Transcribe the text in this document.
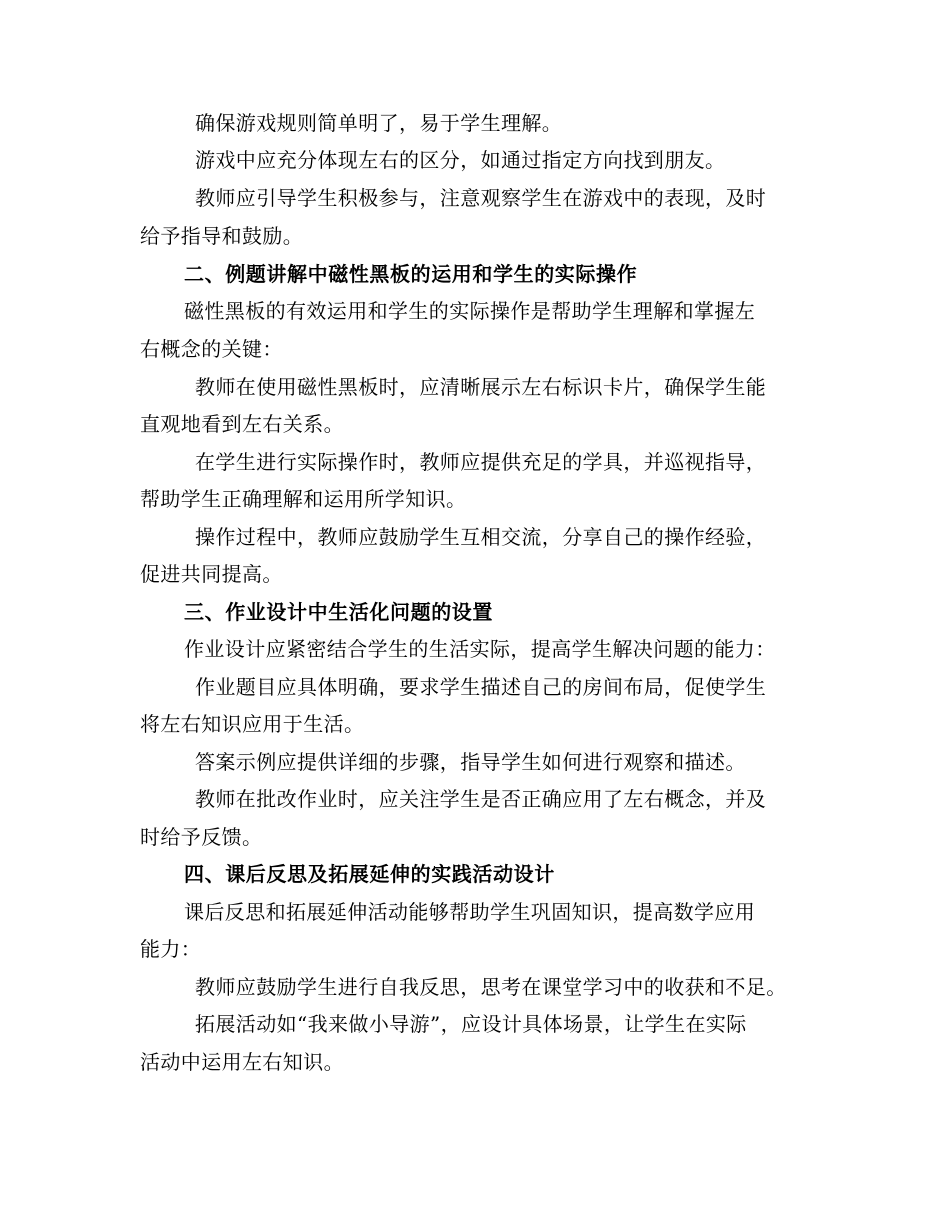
确保游戏规则简单明了，易于学生理解。
游戏中应充分体现左右的区分，如通过指定方向找到朋友。
教师应引导学生积极参与，注意观察学生在游戏中的表现，及时
给予指导和鼓励。
二、例题讲解中磁性黑板的运用和学生的实际操作
磁性黑板的有效运用和学生的实际操作是帮助学生理解和掌握左
右概念的关键：
教师在使用磁性黑板时，应清晰展示左右标识卡片，确保学生能
直观地看到左右关系。
在学生进行实际操作时，教师应提供充足的学具，并巡视指导，
帮助学生正确理解和运用所学知识。
操作过程中，教师应鼓励学生互相交流，分享自己的操作经验，
促进共同提高。
三、作业设计中生活化问题的设置
作业设计应紧密结合学生的生活实际，提高学生解决问题的能力：
作业题目应具体明确，要求学生描述自己的房间布局，促使学生
将左右知识应用于生活。
答案示例应提供详细的步骤，指导学生如何进行观察和描述。
教师在批改作业时，应关注学生是否正确应用了左右概念，并及
时给予反馈。
四、课后反思及拓展延伸的实践活动设计
课后反思和拓展延伸活动能够帮助学生巩固知识，提高数学应用
能力：
教师应鼓励学生进行自我反思，思考在课堂学习中的收获和不足。
拓展活动如“我来做小导游”，应设计具体场景，让学生在实际
活动中运用左右知识。
